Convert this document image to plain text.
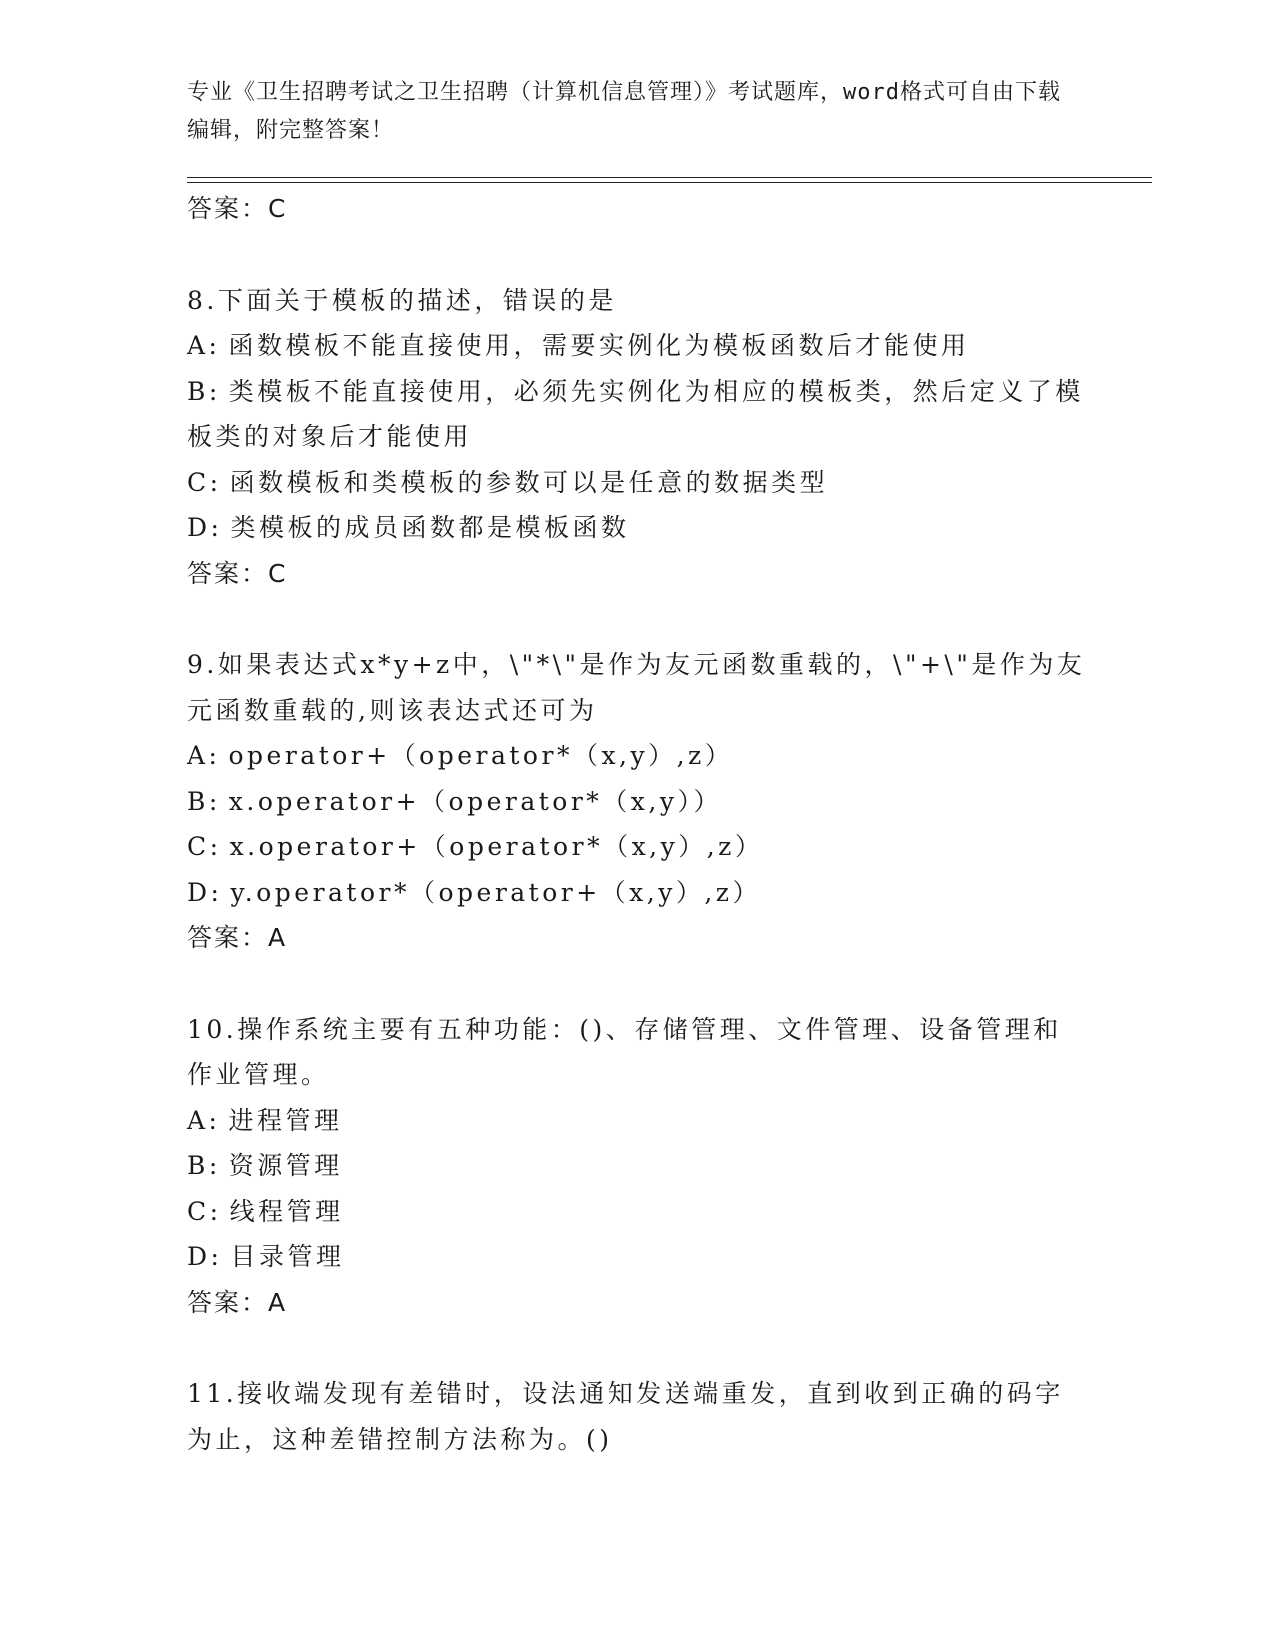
专业《卫生招聘考试之卫生招聘（计算机信息管理）》考试题库，word格式可自由下载编辑，附完整答案！
答案：C
8.下面关于模板的描述，错误的是
A: 函数模板不能直接使用，需要实例化为模板函数后才能使用
B: 类模板不能直接使用，必须先实例化为相应的模板类，然后定义了模板类的对象后才能使用
C: 函数模板和类模板的参数可以是任意的数据类型
D: 类模板的成员函数都是模板函数
答案：C
9.如果表达式x*y+z中，\"*\"是作为友元函数重载的，\"+\"是作为友元函数重载的,则该表达式还可为
A: operator+（operator*（x,y）,z）
B: x.operator+（operator*（x,y））
C: x.operator+（operator*（x,y）,z）
D: y.operator*（operator+（x,y）,z）
答案：A
10.操作系统主要有五种功能：()、存储管理、文件管理、设备管理和作业管理。
A: 进程管理
B: 资源管理
C: 线程管理
D: 目录管理
答案：A
11.接收端发现有差错时，设法通知发送端重发，直到收到正确的码字为止，这种差错控制方法称为。()
